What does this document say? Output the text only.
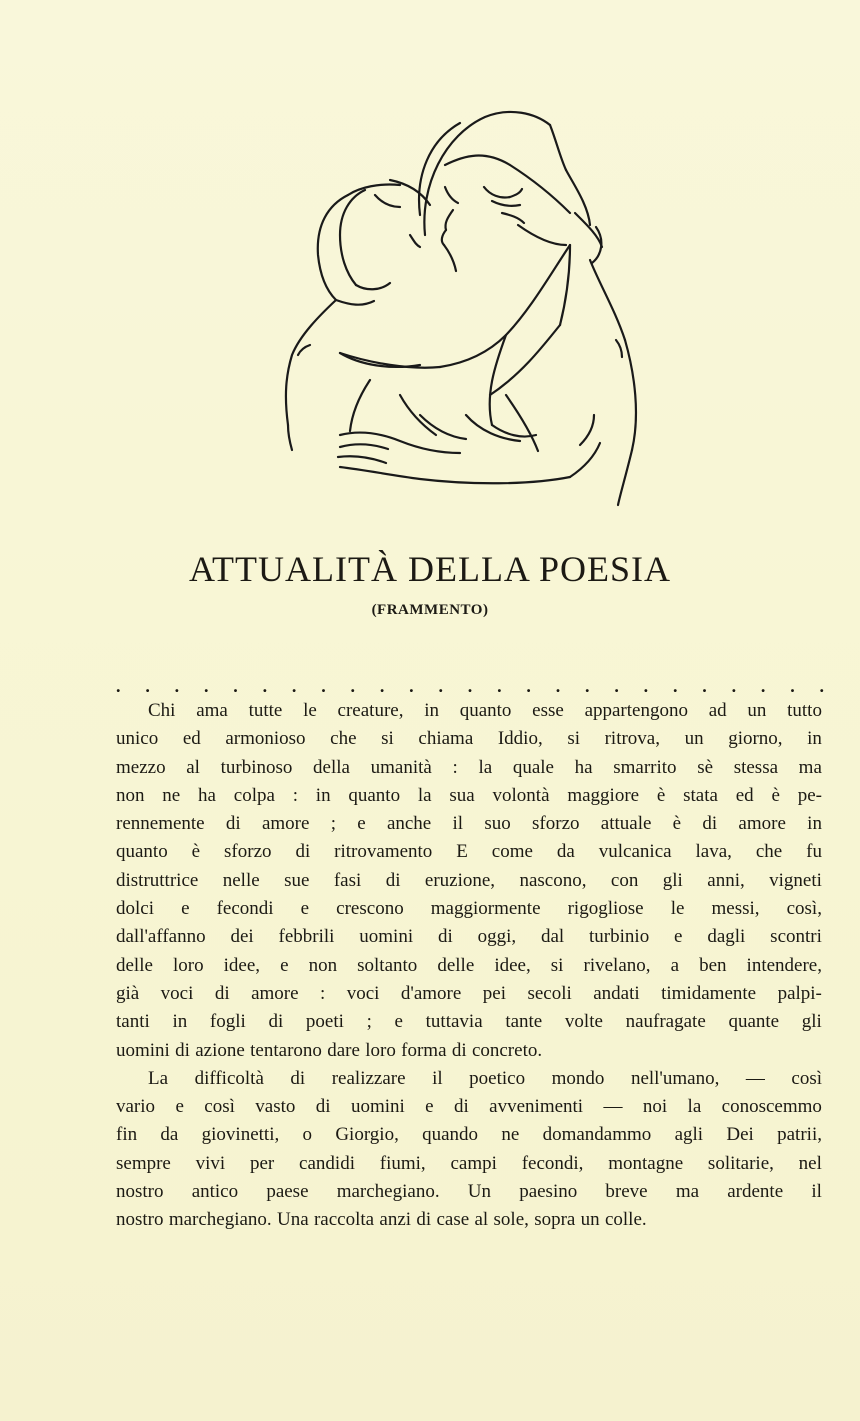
ATTUALITÀ DELLA POESIA
(FRAMMENTO)
. . . . . . . . . . . . . . . . . . . . . . . . .
Chi ama tutte le creature, in quanto esse appartengono ad un tutto
unico ed armonioso che si chiama Iddio, si ritrova, un giorno, in
mezzo al turbinoso della umanità : la quale ha smarrito sè stessa ma
non ne ha colpa : in quanto la sua volontà maggiore è stata ed è pe-
rennemente di amore ; e anche il suo sforzo attuale è di amore in
quanto è sforzo di ritrovamento E come da vulcanica lava, che fu
distruttrice nelle sue fasi di eruzione, nascono, con gli anni, vigneti
dolci e fecondi e crescono maggiormente rigogliose le messi, così,
dall'affanno dei febbrili uomini di oggi, dal turbinio e dagli scontri
delle loro idee, e non soltanto delle idee, si rivelano, a ben intendere,
già voci di amore : voci d'amore pei secoli andati timidamente palpi-
tanti in fogli di poeti ; e tuttavia tante volte naufragate quante gli
uomini di azione tentarono dare loro forma di concreto.
La difficoltà di realizzare il poetico mondo nell'umano, — così
vario e così vasto di uomini e di avvenimenti — noi la conoscemmo
fin da giovinetti, o Giorgio, quando ne domandammo agli Dei patrii,
sempre vivi per candidi fiumi, campi fecondi, montagne solitarie, nel
nostro antico paese marchegiano. Un paesino breve ma ardente il
nostro marchegiano. Una raccolta anzi di case al sole, sopra un colle.
